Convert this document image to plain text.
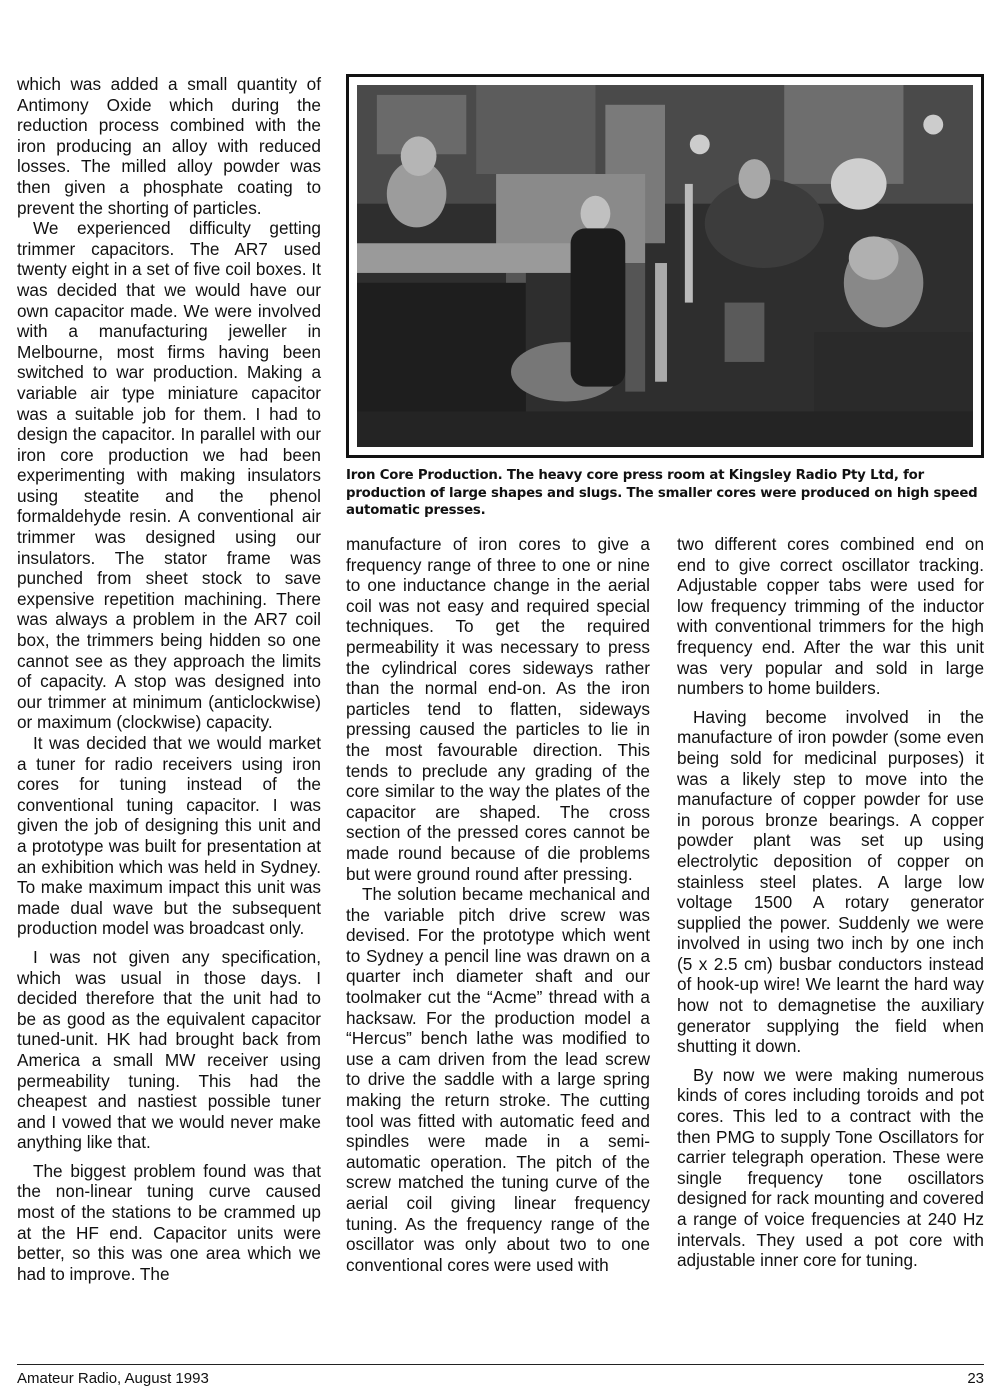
which was added a small quantity of Antimony Oxide which during the reduction process combined with the iron producing an alloy with reduced losses. The milled alloy powder was then given a phosphate coating to prevent the shorting of particles.

We experienced difficulty getting trimmer capacitors. The AR7 used twenty eight in a set of five coil boxes. It was decided that we would have our own capacitor made. We were involved with a manufacturing jeweller in Melbourne, most firms having been switched to war production. Making a variable air type miniature capacitor was a suitable job for them. I had to design the capacitor. In parallel with our iron core production we had been experimenting with making insulators using steatite and the phenol formaldehyde resin. A conventional air trimmer was designed using our insulators. The stator frame was punched from sheet stock to save expensive repetition machining. There was always a problem in the AR7 coil box, the trimmers being hidden so one cannot see as they approach the limits of capacity. A stop was designed into our trimmer at minimum (anticlockwise) or maximum (clockwise) capacity.

It was decided that we would market a tuner for radio receivers using iron cores for tuning instead of the conventional tuning capacitor. I was given the job of designing this unit and a prototype was built for presentation at an exhibition which was held in Sydney. To make maximum impact this unit was made dual wave but the subsequent production model was broadcast only.

I was not given any specification, which was usual in those days. I decided therefore that the unit had to be as good as the equivalent capacitor tuned-unit. HK had brought back from America a small MW receiver using permeability tuning. This had the cheapest and nastiest possible tuner and I vowed that we would never make anything like that.

The biggest problem found was that the non-linear tuning curve caused most of the stations to be crammed up at the HF end. Capacitor units were better, so this was one area which we had to improve. The

Iron Core Production. The heavy core press room at Kingsley Radio Pty Ltd, for production of large shapes and slugs. The smaller cores were produced on high speed automatic presses.

manufacture of iron cores to give a frequency range of three to one or nine to one inductance change in the aerial coil was not easy and required special techniques. To get the required permeability it was necessary to press the cylindrical cores sideways rather than the normal end-on. As the iron particles tend to flatten, sideways pressing caused the particles to lie in the most favourable direction. This tends to preclude any grading of the core similar to the way the plates of the capacitor are shaped. The cross section of the pressed cores cannot be made round because of die problems but were ground round after pressing.

The solution became mechanical and the variable pitch drive screw was devised. For the prototype which went to Sydney a pencil line was drawn on a quarter inch diameter shaft and our toolmaker cut the “Acme” thread with a hacksaw. For the production model a “Hercus” bench lathe was modified to use a cam driven from the lead screw to drive the saddle with a large spring making the return stroke. The cutting tool was fitted with automatic feed and spindles were made in a semi-automatic operation. The pitch of the screw matched the tuning curve of the aerial coil giving linear frequency tuning. As the frequency range of the oscillator was only about two to one conventional cores were used with

two different cores combined end on end to give correct oscillator tracking. Adjustable copper tabs were used for low frequency trimming of the inductor with conventional trimmers for the high frequency end. After the war this unit was very popular and sold in large numbers to home builders.

Having become involved in the manufacture of iron powder (some even being sold for medicinal purposes) it was a likely step to move into the manufacture of copper powder for use in porous bronze bearings. A copper powder plant was set up using electrolytic deposition of copper on stainless steel plates. A large low voltage 1500 A rotary generator supplied the power. Suddenly we were involved in using two inch by one inch (5 x 2.5 cm) busbar conductors instead of hook-up wire! We learnt the hard way how not to demagnetise the auxiliary generator supplying the field when shutting it down.

By now we were making numerous kinds of cores including toroids and pot cores. This led to a contract with the then PMG to supply Tone Oscillators for carrier telegraph operation. These were single frequency tone oscillators designed for rack mounting and covered a range of voice frequencies at 240 Hz intervals. They used a pot core with adjustable inner core for tuning.

Amateur Radio, August 1993	23
